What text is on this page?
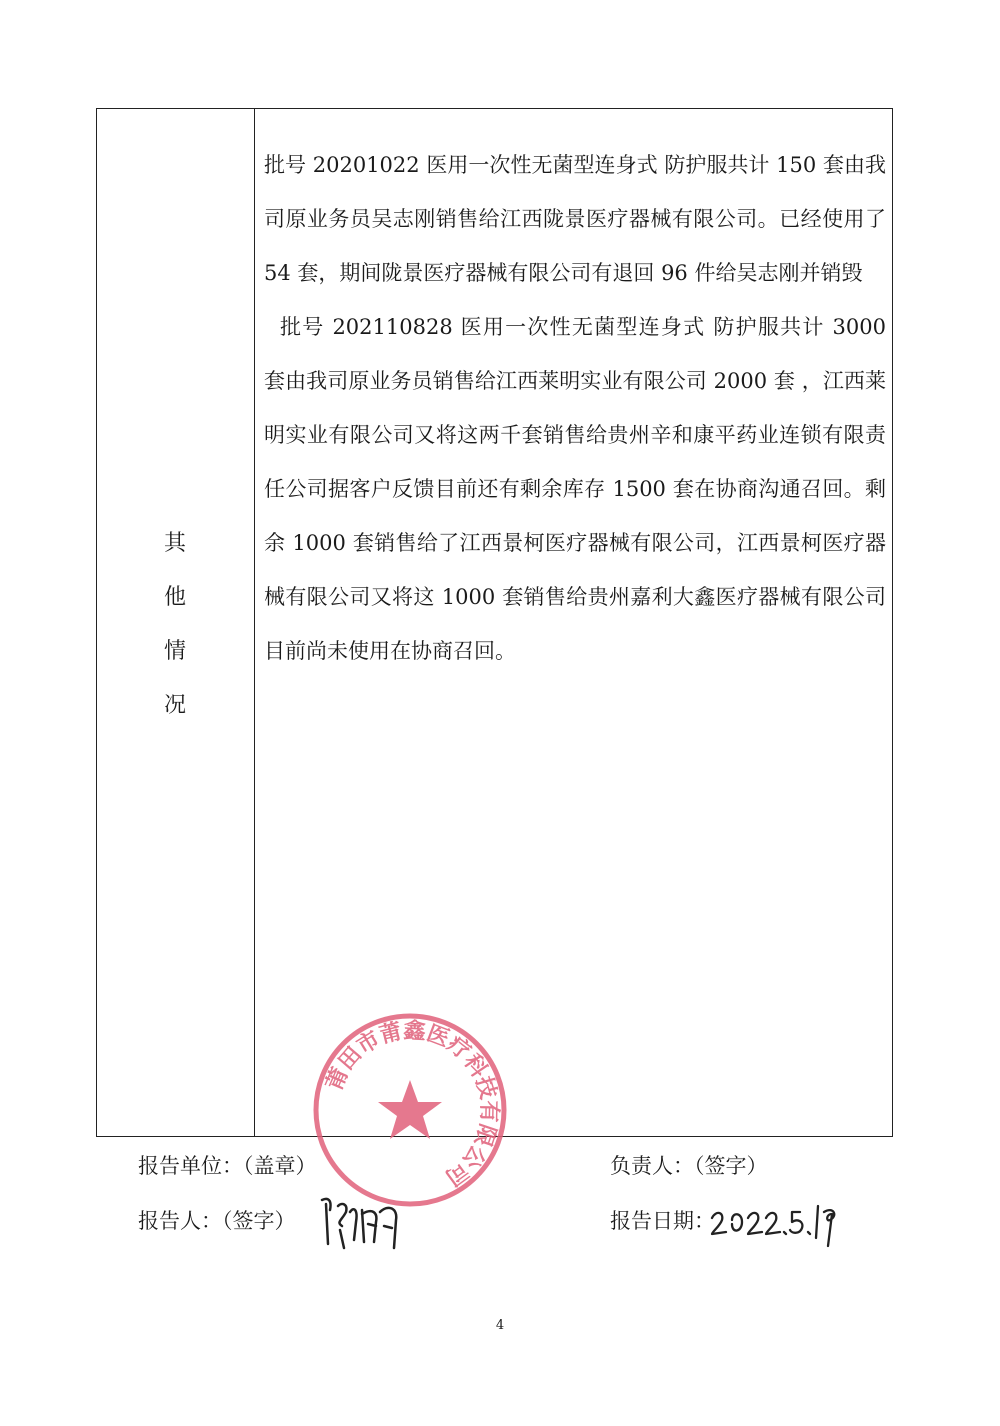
其
他
情
况

批号 20201022 医用一次性无菌型连身式 防护服共计 150 套由我司原业务员吴志刚销售给江西陇景医疗器械有限公司。已经使用了 54 套，期间陇景医疗器械有限公司有退回 96 件给吴志刚并销毁

批号 202110828 医用一次性无菌型连身式 防护服共计 3000 套由我司原业务员销售给江西莱明实业有限公司 2000 套 ，江西莱明实业有限公司又将这两千套销售给贵州辛和康平药业连锁有限责任公司据客户反馈目前还有剩余库存 1500 套在协商沟通召回。剩余 1000 套销售给了江西景柯医疗器械有限公司，江西景柯医疗器械有限公司又将这 1000 套销售给贵州嘉利大鑫医疗器械有限公司目前尚未使用在协商召回。

莆田市莆鑫医疗科技有限公司
报告单位：（盖章）	负责人：（签字）
报告人：（签字）	报告日期：
4
